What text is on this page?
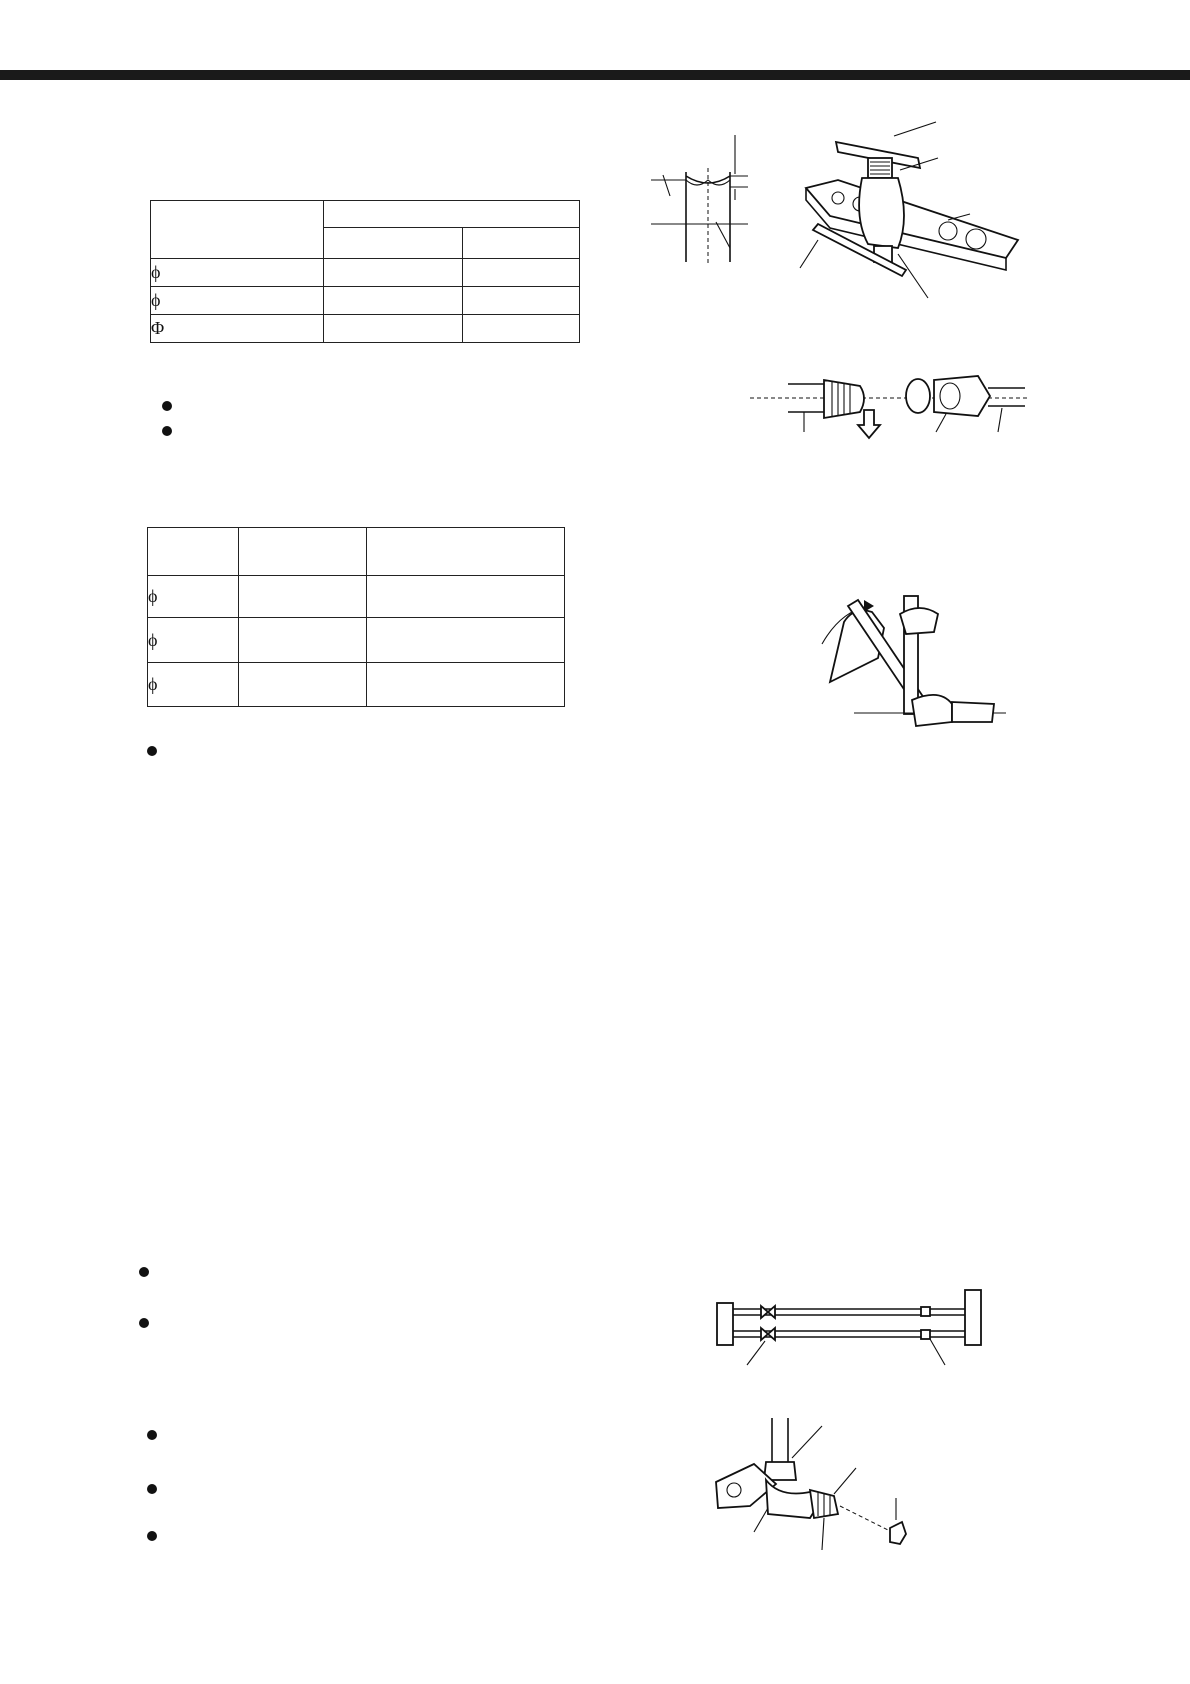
ϕ		
ϕ		
Φ		

ϕ		
ϕ		
ϕ		
